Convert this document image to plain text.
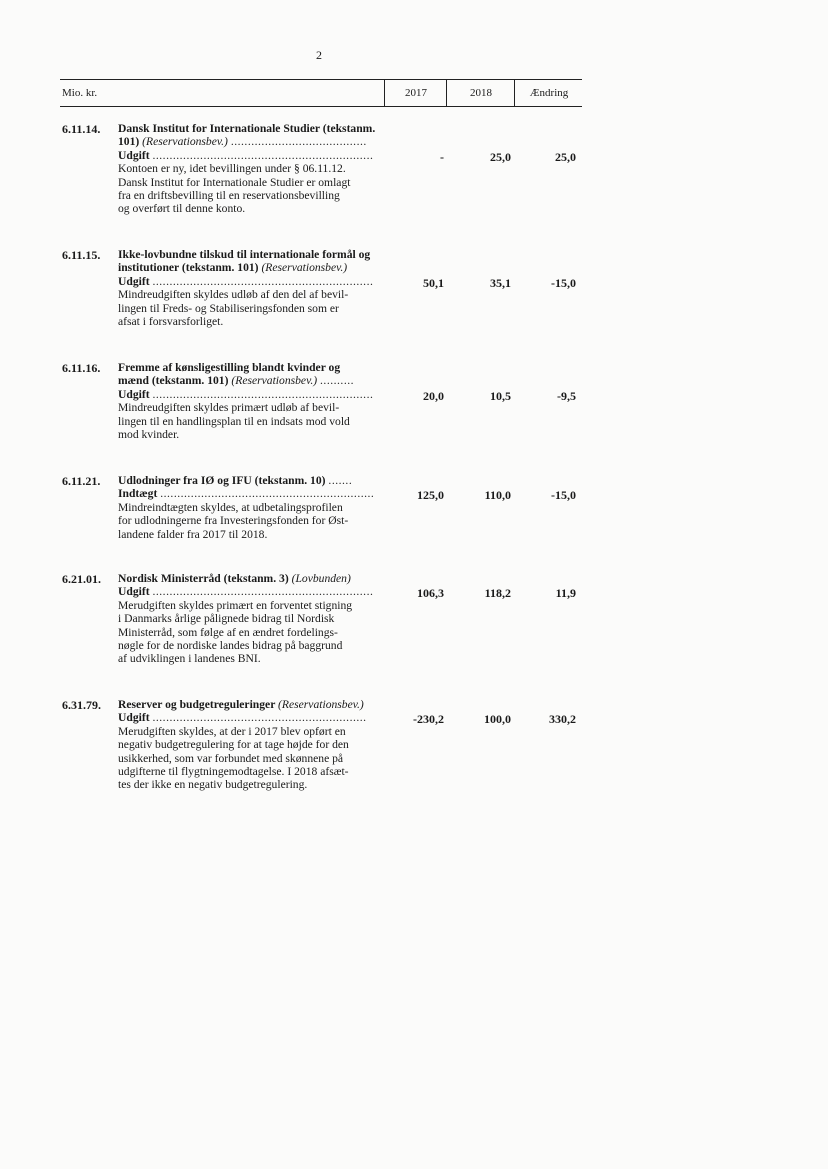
2
Mio. kr.	2017	2018	Ændring
6.11.14. Dansk Institut for Internationale Studier (tekstanm.
101) (Reservationsbev.) ........................................
Udgift .................................................................
Kontoen er ny, idet bevillingen under § 06.11.12.
Dansk Institut for Internationale Studier er omlagt
fra en driftsbevilling til en reservationsbevilling
og overført til denne konto.
-	25,0	25,0
6.11.15. Ikke-lovbundne tilskud til internationale formål og
institutioner (tekstanm. 101) (Reservationsbev.)
Udgift .................................................................
Mindreudgiften skyldes udløb af den del af bevil-
lingen til Freds- og Stabiliseringsfonden som er
afsat i forsvarsforliget.
50,1	35,1	-15,0
6.11.16. Fremme af kønsligestilling blandt kvinder og
mænd (tekstanm. 101) (Reservationsbev.) ..........
Udgift .................................................................
Mindreudgiften skyldes primært udløb af bevil-
lingen til en handlingsplan til en indsats mod vold
mod kvinder.
20,0	10,5	-9,5
6.11.21. Udlodninger fra IØ og IFU (tekstanm. 10) .......
Indtægt ...............................................................
Mindreindtægten skyldes, at udbetalingsprofilen
for udlodningerne fra Investeringsfonden for Øst-
landene falder fra 2017 til 2018.
125,0	110,0	-15,0
6.21.01. Nordisk Ministerråd (tekstanm. 3) (Lovbunden)
Udgift .................................................................
Merudgiften skyldes primært en forventet stigning
i Danmarks årlige pålignede bidrag til Nordisk
Ministerråd, som følge af en ændret fordelings-
nøgle for de nordiske landes bidrag på baggrund
af udviklingen i landenes BNI.
106,3	118,2	11,9
6.31.79. Reserver og budgetreguleringer (Reservationsbev.)
Udgift ...............................................................
Merudgiften skyldes, at der i 2017 blev opført en
negativ budgetregulering for at tage højde for den
usikkerhed, som var forbundet med skønnene på
udgifterne til flygtningemodtagelse. I 2018 afsæt-
tes der ikke en negativ budgetregulering.
-230,2	100,0	330,2
